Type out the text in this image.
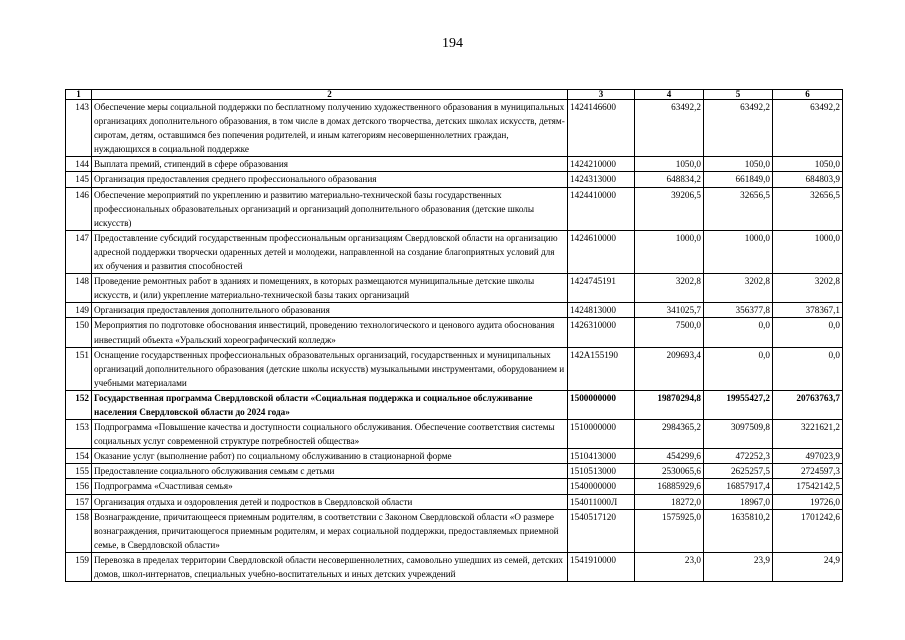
194
1	2	3	4	5	6
143	Обеспечение меры социальной поддержки по бесплатному получению художественного образования в муниципальных организациях дополнительного образования, в том числе в домах детского творчества, детских школах искусств, детям-сиротам, детям, оставшимся без попечения родителей, и иным категориям несовершеннолетних граждан, нуждающихся в социальной поддержке	1424146600	63492,2	63492,2	63492,2
144	Выплата премий, стипендий в сфере образования	1424210000	1050,0	1050,0	1050,0
145	Организация предоставления среднего профессионального образования	1424313000	648834,2	661849,0	684803,9
146	Обеспечение мероприятий по укреплению и развитию материально-технической базы государственных профессиональных образовательных организаций и организаций дополнительного образования (детские школы искусств)	1424410000	39206,5	32656,5	32656,5
147	Предоставление субсидий государственным профессиональным организациям Свердловской области на организацию адресной поддержки творчески одаренных детей и молодежи, направленной на создание благоприятных условий для их обучения и развития способностей	1424610000	1000,0	1000,0	1000,0
148	Проведение ремонтных работ в зданиях и помещениях, в которых размещаются муниципальные детские школы искусств, и (или) укрепление материально-технической базы таких организаций	1424745191	3202,8	3202,8	3202,8
149	Организация предоставления дополнительного образования	1424813000	341025,7	356377,8	378367,1
150	Мероприятия по подготовке обоснования инвестиций, проведению технологического и ценового аудита обоснования инвестиций объекта «Уральский хореографический колледж»	1426310000	7500,0	0,0	0,0
151	Оснащение государственных профессиональных образовательных организаций, государственных и муниципальных организаций дополнительного образования (детские школы искусств) музыкальными инструментами, оборудованием и учебными материалами	142A155190	209693,4	0,0	0,0
152	Государственная программа Свердловской области «Социальная поддержка и социальное обслуживание населения Свердловской области до 2024 года»	1500000000	19870294,8	19955427,2	20763763,7
153	Подпрограмма «Повышение качества и доступности социального обслуживания. Обеспечение соответствия системы социальных услуг современной структуре потребностей общества»	1510000000	2984365,2	3097509,8	3221621,2
154	Оказание услуг (выполнение работ) по социальному обслуживанию в стационарной форме	1510413000	454299,6	472252,3	497023,9
155	Предоставление социального обслуживания семьям с детьми	1510513000	2530065,6	2625257,5	2724597,3
156	Подпрограмма «Счастливая семья»	1540000000	16885929,6	16857917,4	17542142,5
157	Организация отдыха и оздоровления детей и подростков в Свердловской области	154011000Л	18272,0	18967,0	19726,0
158	Вознаграждение, причитающееся приемным родителям, в соответствии с Законом Свердловской области «О размере вознаграждения, причитающегося приемным родителям, и мерах социальной поддержки, предоставляемых приемной семье, в Свердловской области»	1540517120	1575925,0	1635810,2	1701242,6
159	Перевозка в пределах территории Свердловской области несовершеннолетних, самовольно ушедших из семей, детских домов, школ-интернатов, специальных учебно-воспитательных и иных детских учреждений	1541910000	23,0	23,9	24,9
